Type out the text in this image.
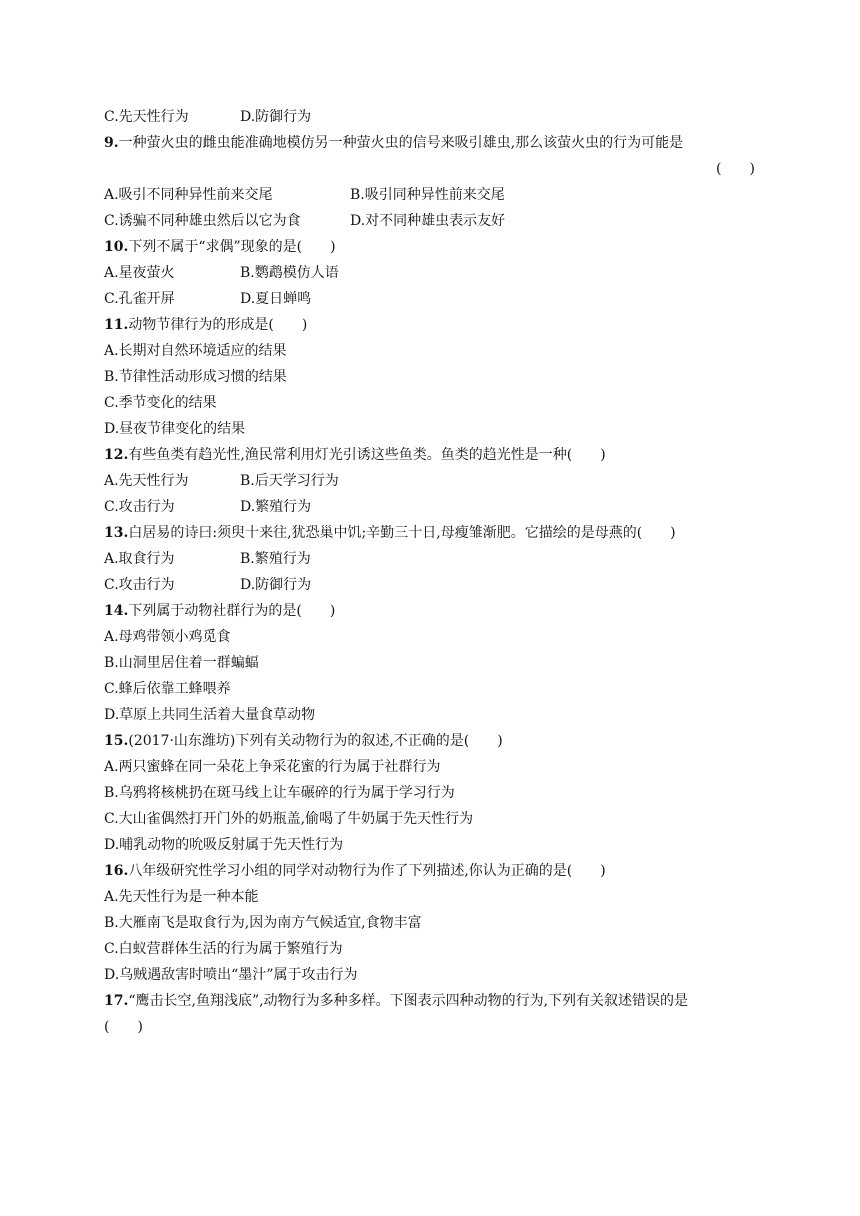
C.先天性行为	D.防御行为
9.一种萤火虫的雌虫能准确地模仿另一种萤火虫的信号来吸引雄虫,那么该萤火虫的行为可能是
(　　)
A.吸引不同种异性前来交尾	B.吸引同种异性前来交尾
C.诱骗不同种雄虫然后以它为食	D.对不同种雄虫表示友好
10.下列不属于“求偶”现象的是(　　)
A.星夜萤火	B.鹦鹉模仿人语
C.孔雀开屏	D.夏日蝉鸣
11.动物节律行为的形成是(　　)
A.长期对自然环境适应的结果
B.节律性活动形成习惯的结果
C.季节变化的结果
D.昼夜节律变化的结果
12.有些鱼类有趋光性,渔民常利用灯光引诱这些鱼类。鱼类的趋光性是一种(　　)
A.先天性行为	B.后天学习行为
C.攻击行为	D.繁殖行为
13.白居易的诗曰:须臾十来往,犹恐巢中饥;辛勤三十日,母瘦雏渐肥。它描绘的是母燕的(　　)
A.取食行为	B.繁殖行为
C.攻击行为	D.防御行为
14.下列属于动物社群行为的是(　　)
A.母鸡带领小鸡觅食
B.山洞里居住着一群蝙蝠
C.蜂后依靠工蜂喂养
D.草原上共同生活着大量食草动物
15.(2017·山东潍坊)下列有关动物行为的叙述,不正确的是(　　)
A.两只蜜蜂在同一朵花上争采花蜜的行为属于社群行为
B.乌鸦将核桃扔在斑马线上让车碾碎的行为属于学习行为
C.大山雀偶然打开门外的奶瓶盖,偷喝了牛奶属于先天性行为
D.哺乳动物的吮吸反射属于先天性行为
16.八年级研究性学习小组的同学对动物行为作了下列描述,你认为正确的是(　　)
A.先天性行为是一种本能
B.大雁南飞是取食行为,因为南方气候适宜,食物丰富
C.白蚁营群体生活的行为属于繁殖行为
D.乌贼遇敌害时喷出“墨汁”属于攻击行为
17.“鹰击长空,鱼翔浅底”,动物行为多种多样。下图表示四种动物的行为,下列有关叙述错误的是
(　　)
